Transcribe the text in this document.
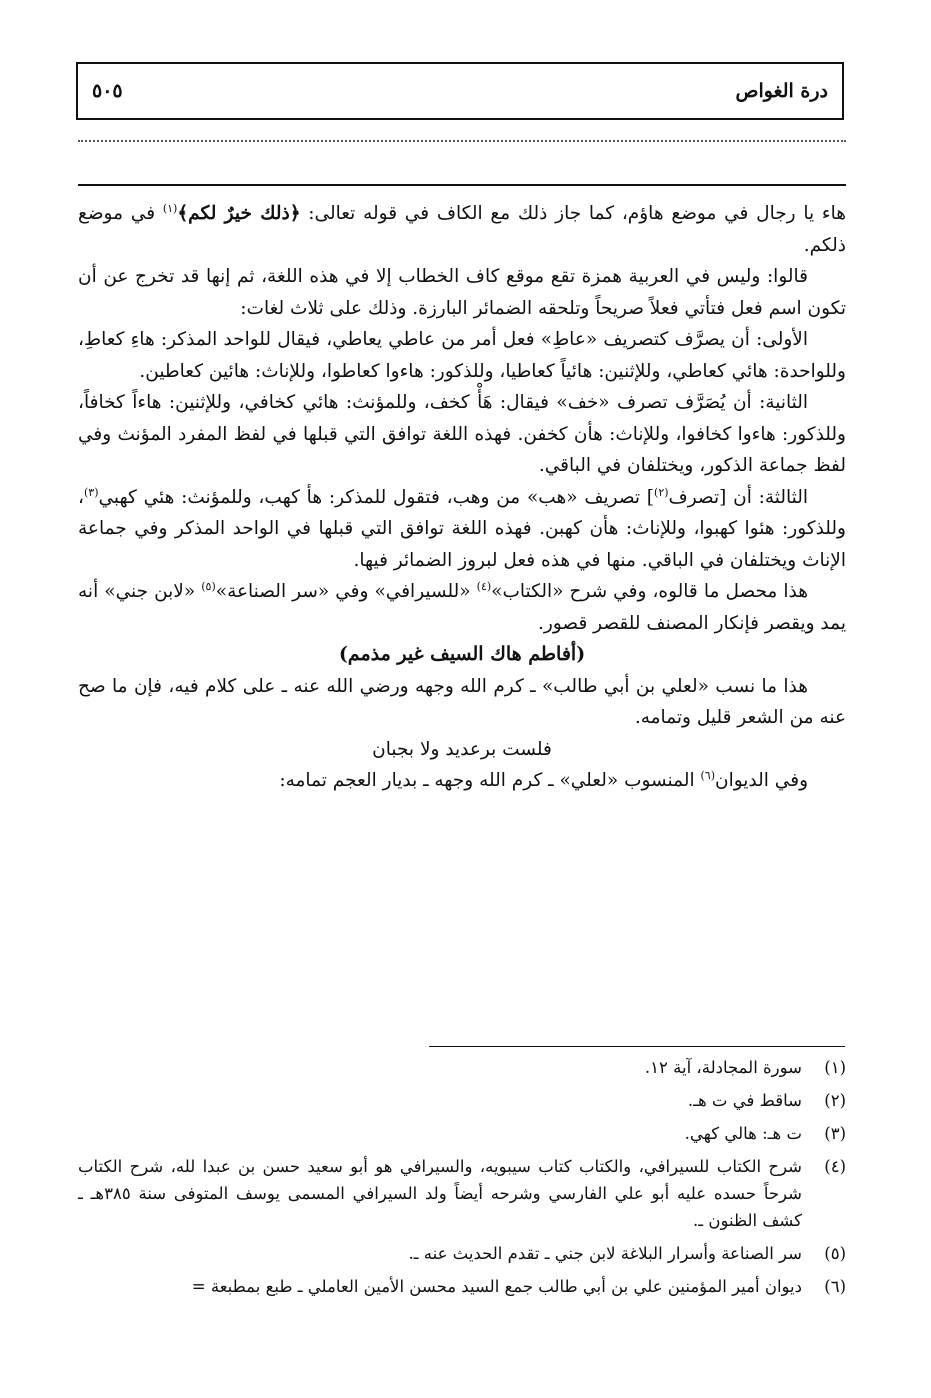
درة الغواص
٥٠٥

هاء يا رجال في موضع هاؤم، كما جاز ذلك مع الكاف في قوله تعالى: ﴿ذلك خيرٌ لكم﴾$^{(١)}$ في موضع ذلكم.

قالوا: وليس في العربية همزة تقع موقع كاف الخطاب إلا في هذه اللغة، ثم إنها قد تخرج عن أن تكون اسم فعل فتأتي فعلاً صريحاً وتلحقه الضمائر البارزة. وذلك على ثلاث لغات:

الأولى: أن يصرَّف كتصريف «عاطِ» فعل أمر من عاطي يعاطي، فيقال للواحد المذكر: هاءِ كعاطِ، وللواحدة: هائي كعاطي، وللإثنين: هائياً كعاطيا، وللذكور: هاءوا كعاطوا، وللإناث: هائين كعاطين.

الثانية: أن يُصَرَّف تصرف «خف» فيقال: هَأْ كخف، وللمؤنث: هائي كخافي، وللإثنين: هاءاً كخافاً، وللذكور: هاءوا كخافوا، وللإناث: هأن كخفن. فهذه اللغة توافق التي قبلها في لفظ المفرد المؤنث وفي لفظ جماعة الذكور، ويختلفان في الباقي.

الثالثة: أن [تصرف$^{(٢)}$] تصريف «هب» من وهب، فتقول للمذكر: هأ كهب، وللمؤنث: هئي كهبي$^{(٣)}$، وللذكور: هئوا كهبوا، وللإناث: هأن كهبن. فهذه اللغة توافق التي قبلها في الواحد المذكر وفي جماعة الإناث ويختلفان في الباقي. منها في هذه فعل لبروز الضمائر فيها.

هذا محصل ما قالوه، وفي شرح «الكتاب»$^{(٤)}$ «للسيرافي» وفي «سر الصناعة»$^{(٥)}$ «لابن جني» أنه يمد ويقصر فإنكار المصنف للقصر قصور.

(أفاطم هاك السيف غير مذمم)

هذا ما نسب «لعلي بن أبي طالب» ـ كرم الله وجهه ورضي الله عنه ـ على كلام فيه، فإن ما صح عنه من الشعر قليل وتمامه.

فلست برعديد ولا بجبان

وفي الديوان$^{(٦)}$ المنسوب «لعلي» ـ كرم الله وجهه ـ بديار العجم تمامه:

(١)
سورة المجادلة، آية ١٢.
(٢)
ساقط في ت هـ.
(٣)
ت هـ: هالي كهي.
(٤)
شرح الكتاب للسيرافي، والكتاب كتاب سيبويه، والسيرافي هو أبو سعيد حسن بن عبدا لله، شرح الكتاب شرحاً حسده عليه أبو علي الفارسي وشرحه أيضاً ولد السيرافي المسمى يوسف المتوفى سنة ٣٨٥هـ ـ كشف الظنون ـ.
(٥)
سر الصناعة وأسرار البلاغة لابن جني ـ تقدم الحديث عنه ـ.
(٦)
ديوان أمير المؤمنين علي بن أبي طالب جمع السيد محسن الأمين العاملي ـ طبع بمطبعة =
